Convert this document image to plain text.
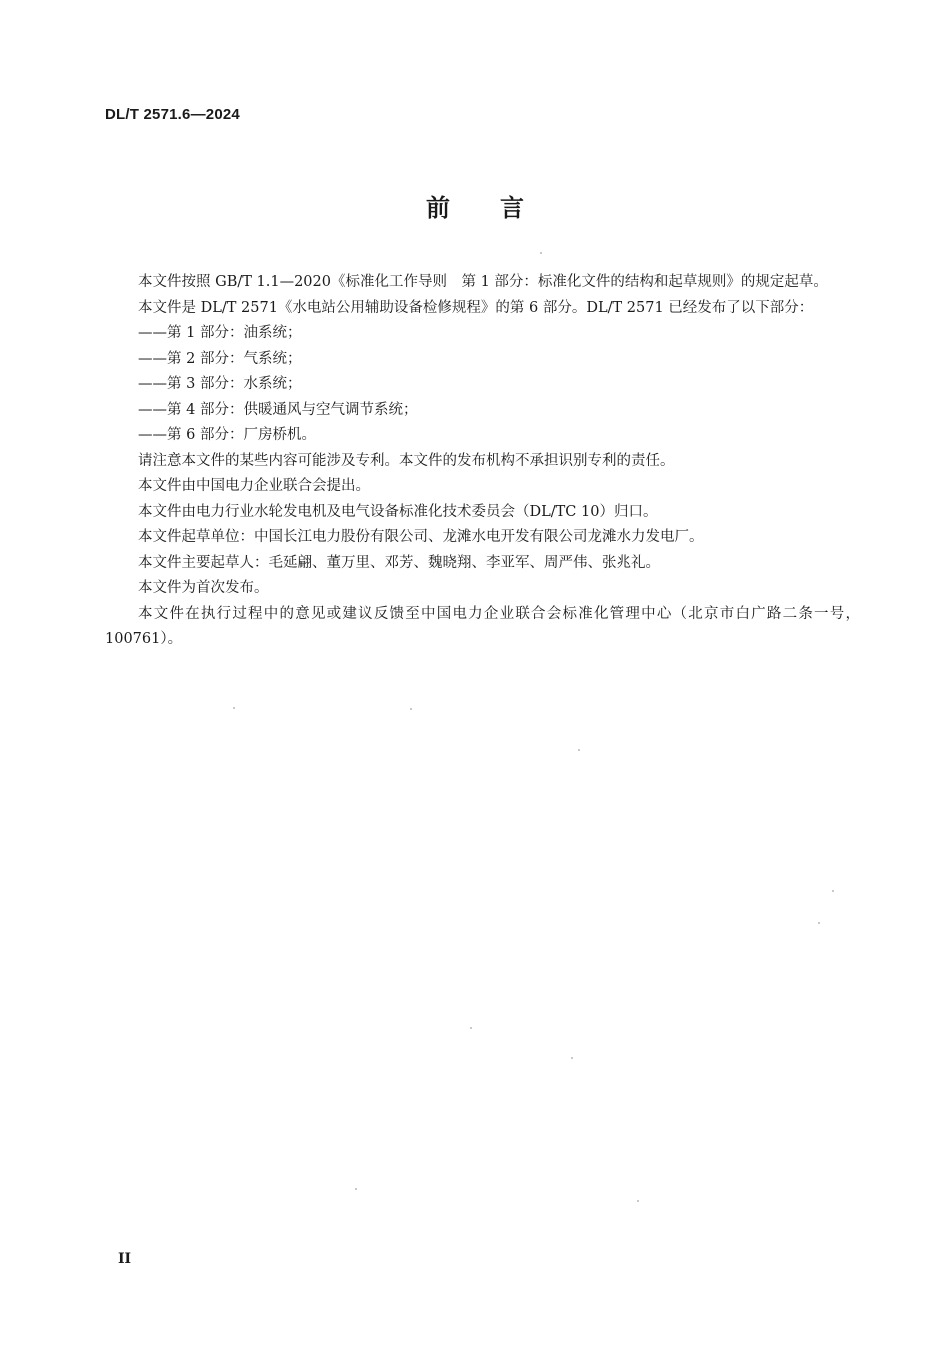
DL/T 2571.6—2024
前言

本文件按照 GB/T 1.1—2020《标准化工作导则　第 1 部分：标准化文件的结构和起草规则》的规定起草。

本文件是 DL/T 2571《水电站公用辅助设备检修规程》的第 6 部分。DL/T 2571 已经发布了以下部分：

——第 1 部分：油系统；

——第 2 部分：气系统；

——第 3 部分：水系统；

——第 4 部分：供暖通风与空气调节系统；

——第 6 部分：厂房桥机。

请注意本文件的某些内容可能涉及专利。本文件的发布机构不承担识别专利的责任。

本文件由中国电力企业联合会提出。

本文件由电力行业水轮发电机及电气设备标准化技术委员会（DL/TC 10）归口。

本文件起草单位：中国长江电力股份有限公司、龙滩水电开发有限公司龙滩水力发电厂。

本文件主要起草人：毛延翩、董万里、邓芳、魏晓翔、李亚军、周严伟、张兆礼。

本文件为首次发布。

本文件在执行过程中的意见或建议反馈至中国电力企业联合会标准化管理中心（北京市白广路二条一号，100761）。

II
